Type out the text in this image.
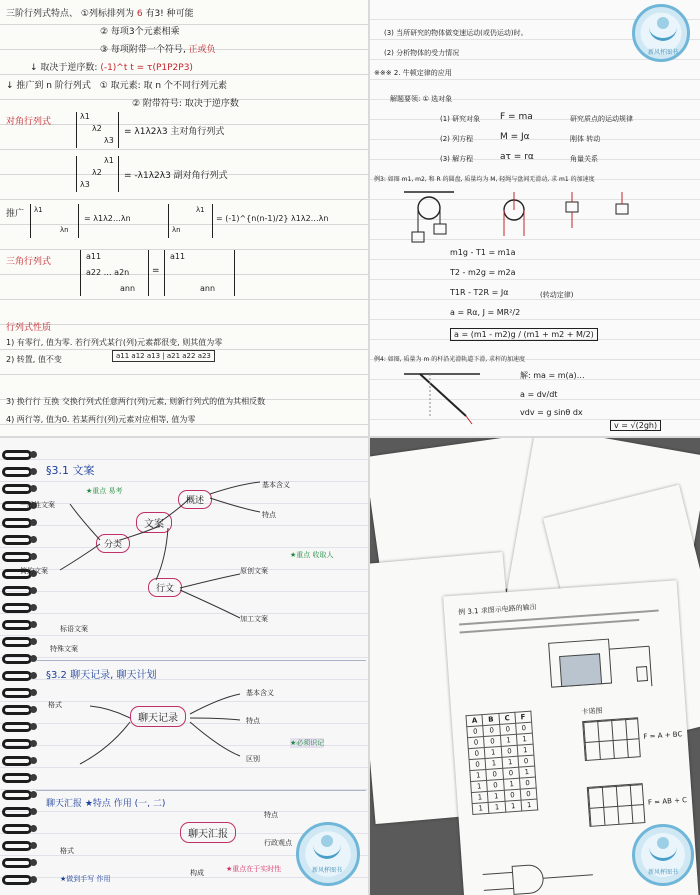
三阶行列式特点、 ①列标排列为 6 有3! 种可能
② 每项3个元素相乘
③ 每项附带一个符号, 正或负
↓ 取决于逆序数: (-1)^t t = τ(P1P2P3)
↓ 推广到 n 阶行列式 ① 取元素: 取 n 个不同行列元素
② 附带符号: 取决于逆序数
对角行列式
λ1
λ2
λ3
= λ1λ2λ3 主对角行列式
λ1
λ2
λ3
= -λ1λ2λ3 副对角行列式
推广 λ1
λn
= λ1λ2…λn
λ1
λn
= (-1)^{n(n-1)/2} λ1λ2…λn
三角行列式
a11
a22 … a2n
ann
=
a11
ann
行列式性质
1) 有零行, 值为零. 若行列式某行(列)元素都很变, 则其值为零
2) 转置, 值不变	a11 a12 a13 | a21 a22 a23
3) 换行行 互换 交换行列式任意两行(列)元素, 则新行列式的值为其相反数
4) 两行等, 值为0. 若某两行(列)元素对应相等, 值为零
(3) 当所研究的物体做变速运动(或仍运动)时。
(2) 分析物体的受力情况
※※※ 2. 牛顿定律的应用
解题要领: ① 选对象
(1) 研究对象 F = ma	研究质点的运动规律
(2) 列方程	M = Jα	刚体 转动
(3) 解方程	aτ = rα	角量关系
例3: 如图 m1, m2, 和 R 的圆盘, 质量均为 M, 轻绳与盘间无滑动, 求 m1 的加速度
m1g - T1 = m1a
T2 - m2g = m2a
T1R - T2R = Jα	(转动定律)
a = Rα, J = MR²/2
a = (m1 - m2)g / (m1 + m2 + M/2)
例4: 如图, 质量为 m 的杆沿光滑轨道下滑, 求杆的加速度
解: ma = m(a)…
a = dv/dt
vdv = g sinθ dx
v = √(2gh)
新风杯图书
§3.1 文案
文案
概述
分类
行文
基本含义
特点
一般性文案
简约文案	原创文案
加工文案
标语文案
特殊文案
★重点 易考
★重点 收取人
§3.2 聊天记录, 聊天计划
聊天记录
基本含义
特点
区别
格式
★必须识记
聊天汇报 ★特点 作用 (一, 二)
聊天汇报
特点
行政观点
格式
构成	★重点在于实时性
★做到手写 作用
新风杯图书
例 3.1 求图示电路的输出
A	B	C	F
0	0	0	0
0	0	1	1
0	1	0	1
0	1	1	0
1	0	0	1
1	0	1	0
1	1	0	0
1	1	1	1
卡诺图
F = A + BC
F = AB + C
新风杯图书
